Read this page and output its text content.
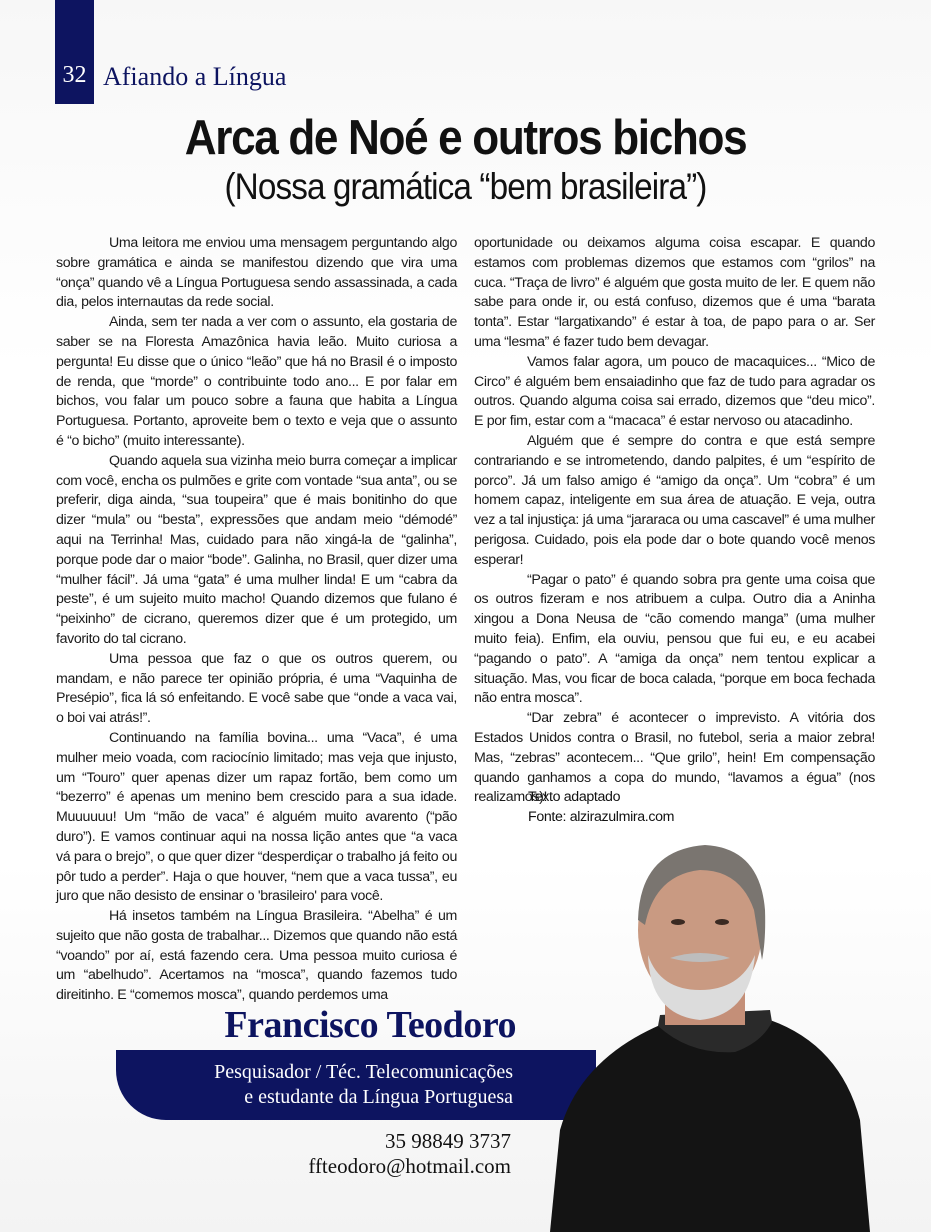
32 Afiando a Língua
Arca de Noé e outros bichos
(Nossa gramática “bem brasileira”)

Uma leitora me enviou uma mensagem perguntando algo sobre gramática e ainda se manifestou dizendo que vira uma “onça” quando vê a Língua Portuguesa sendo assassinada, a cada dia, pelos internautas da rede social.

Ainda, sem ter nada a ver com o assunto, ela gostaria de saber se na Floresta Amazônica havia leão. Muito curiosa a pergunta! Eu disse que o único “leão” que há no Brasil é o imposto de renda, que “morde” o contribuinte todo ano... E por falar em bichos, vou falar um pouco sobre a fauna que habita a Língua Portuguesa. Portanto, aproveite bem o texto e veja que o assunto é “o bicho” (muito interessante).

Quando aquela sua vizinha meio burra começar a implicar com você, encha os pulmões e grite com vontade “sua anta”, ou se preferir, diga ainda, “sua toupeira” que é mais bonitinho do que dizer “mula” ou “besta”, expressões que andam meio “démodé” aqui na Terrinha! Mas, cuidado para não xingá-la de “galinha”, porque pode dar o maior “bode”. Galinha, no Brasil, quer dizer uma “mulher fácil”. Já uma “gata” é uma mulher linda! E um “cabra da peste”, é um sujeito muito macho! Quando dizemos que fulano é “peixinho” de cicrano, queremos dizer que é um protegido, um favorito do tal cicrano.

Uma pessoa que faz o que os outros querem, ou mandam, e não parece ter opinião própria, é uma “Vaquinha de Presépio”, fica lá só enfeitando. E você sabe que “onde a vaca vai, o boi vai atrás!”.

Continuando na família bovina... uma “Vaca”, é uma mulher meio voada, com raciocínio limitado; mas veja que injusto, um “Touro” quer apenas dizer um rapaz fortão, bem como um “bezerro” é apenas um menino bem crescido para a sua idade. Muuuuuu! Um “mão de vaca” é alguém muito avarento (“pão duro”). E vamos continuar aqui na nossa lição antes que “a vaca vá para o brejo”, o que quer dizer “desperdiçar o trabalho já feito ou pôr tudo a perder”. Haja o que houver, “nem que a vaca tussa”, eu juro que não desisto de ensinar o 'brasileiro' para você.

Há insetos também na Língua Brasileira. “Abelha” é um sujeito que não gosta de trabalhar... Dizemos que quando não está “voando” por aí, está fazendo cera. Uma pessoa muito curiosa é um “abelhudo”. Acertamos na “mosca”, quando fazemos tudo direitinho. E “comemos mosca”, quando perdemos uma

oportunidade ou deixamos alguma coisa escapar. E quando estamos com problemas dizemos que estamos com “grilos” na cuca. “Traça de livro” é alguém que gosta muito de ler. E quem não sabe para onde ir, ou está confuso, dizemos que é uma “barata tonta”. Estar “largatixando” é estar à toa, de papo para o ar. Ser uma “lesma” é fazer tudo bem devagar.

Vamos falar agora, um pouco de macaquices... “Mico de Circo” é alguém bem ensaiadinho que faz de tudo para agradar os outros. Quando alguma coisa sai errado, dizemos que “deu mico”. E por fim, estar com a “macaca” é estar nervoso ou atacadinho.

Alguém que é sempre do contra e que está sempre contrariando e se intrometendo, dando palpites, é um “espírito de porco”. Já um falso amigo é “amigo da onça”. Um “cobra” é um homem capaz, inteligente em sua área de atuação. E veja, outra vez a tal injustiça: já uma “jararaca ou uma cascavel” é uma mulher perigosa. Cuidado, pois ela pode dar o bote quando você menos esperar!

“Pagar o pato” é quando sobra pra gente uma coisa que os outros fizeram e nos atribuem a culpa. Outro dia a Aninha xingou a Dona Neusa de “cão comendo manga” (uma mulher muito feia). Enfim, ela ouviu, pensou que fui eu, e eu acabei “pagando o pato”. A “amiga da onça” nem tentou explicar a situação. Mas, vou ficar de boca calada, “porque em boca fechada não entra mosca”.

“Dar zebra” é acontecer o imprevisto. A vitória dos Estados Unidos contra o Brasil, no futebol, seria a maior zebra! Mas, “zebras” acontecem... “Que grilo”, hein! Em compensação quando ganhamos a copa do mundo, “lavamos a égua” (nos realizamos)!

Texto adaptado
Fonte: alzirazulmira.com
Francisco Teodoro
Pesquisador / Téc. Telecomunicações
e estudante da Língua Portuguesa
35 98849 3737
ffteodoro@hotmail.com
